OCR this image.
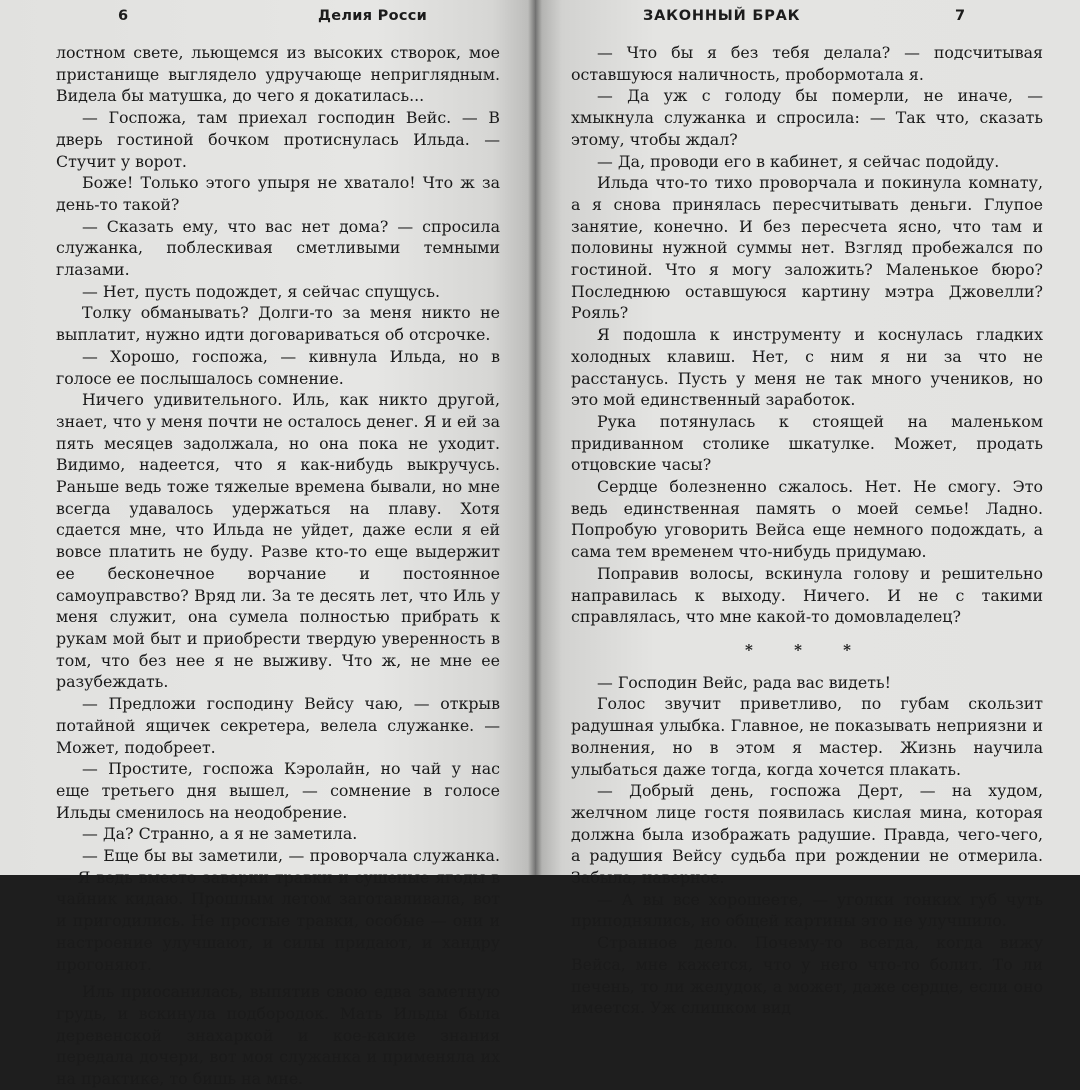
6	Делия Росси

лостном свете, льющемся из высоких створок, мое пристанище выглядело удручающе неприглядным. Видела бы матушка, до чего я докатилась...

— Госпожа, там приехал господин Вейс. — В дверь гостиной бочком протиснулась Ильда. — Стучит у ворот.

Боже! Только этого упыря не хватало! Что ж за день-то такой?

— Сказать ему, что вас нет дома? — спросила служанка, поблескивая сметливыми темными глазами.

— Нет, пусть подождет, я сейчас спущусь.

Толку обманывать? Долги-то за меня никто не выплатит, нужно идти договариваться об отсрочке.

— Хорошо, госпожа, — кивнула Ильда, но в голосе ее послышалось сомнение.

Ничего удивительного. Иль, как никто другой, знает, что у меня почти не осталось денег. Я и ей за пять месяцев задолжала, но она пока не уходит. Видимо, надеется, что я как-нибудь выкручусь. Раньше ведь тоже тяжелые времена бывали, но мне всегда удавалось удержаться на плаву. Хотя сдается мне, что Ильда не уйдет, даже если я ей вовсе платить не буду. Разве кто-то еще выдержит ее бесконечное ворчание и постоянное самоуправство? Вряд ли. За те десять лет, что Иль у меня служит, она сумела полностью прибрать к рукам мой быт и приобрести твердую уверенность в том, что без нее я не выживу. Что ж, не мне ее разубеждать.

— Предложи господину Вейсу чаю, — открыв потайной ящичек секретера, велела служанке. — Может, подобреет.

— Простите, госпожа Кэролайн, но чай у нас еще третьего дня вышел, — сомнение в голосе Ильды сменилось на неодобрение.

— Да? Странно, а я не заметила.

— Еще бы вы заметили, — проворчала служанка. — Я ведь вместо заварки травки и сушеные ягоды в чайник кидаю. Прошлым летом заготавливала, вот и пригодились. Не простые травки, особые — они и настроение улучшают, и силы придают, и хандру прогоняют.

Иль приосанилась, выпятив свою едва заметную грудь, и вскинула подбородок. Мать Ильды была деревенской знахаркой и кое-какие знания передала дочери, вот моя служанка и применяла их на практике, то бишь на мне.

ЗАКОННЫЙ БРАК	7

— Что бы я без тебя делала? — подсчитывая оставшуюся наличность, пробормотала я.

— Да уж с голоду бы померли, не иначе, — хмыкнула служанка и спросила: — Так что, сказать этому, чтобы ждал?

— Да, проводи его в кабинет, я сейчас подойду.

Ильда что-то тихо проворчала и покинула комнату, а я снова принялась пересчитывать деньги. Глупое занятие, конечно. И без пересчета ясно, что там и половины нужной суммы нет. Взгляд пробежался по гостиной. Что я могу заложить? Маленькое бюро? Последнюю оставшуюся картину мэтра Джовелли? Рояль?

Я подошла к инструменту и коснулась гладких холодных клавиш. Нет, с ним я ни за что не расстанусь. Пусть у меня не так много учеников, но это мой единственный заработок.

Рука потянулась к стоящей на маленьком придиванном столике шкатулке. Может, продать отцовские часы?

Сердце болезненно сжалось. Нет. Не смогу. Это ведь единственная память о моей семье! Ладно. Попробую уговорить Вейса еще немного подождать, а сама тем временем что-нибудь придумаю.

Поправив волосы, вскинула голову и решительно направилась к выходу. Ничего. И не с такими справлялась, что мне какой-то домовладелец?

* * *

— Господин Вейс, рада вас видеть!

Голос звучит приветливо, по губам скользит радушная улыбка. Главное, не показывать неприязни и волнения, но в этом я мастер. Жизнь научила улыбаться даже тогда, когда хочется плакать.

— Добрый день, госпожа Дерт, — на худом, желчном лице гостя появилась кислая мина, которая должна была изображать радушие. Правда, чего-чего, а радушия Вейсу судьба при рождении не отмерила. Забыла, наверное.

— А вы все хорошеете, — уголки тонких губ чуть приподнялись, но общей картины это не улучшило.

Странное дело. Почему-то всегда, когда вижу Вейса, мне кажется, что у него что-то болит. То ли печень, то ли желудок, а может, даже сердце, если оно имеется. Уж слишком вид
